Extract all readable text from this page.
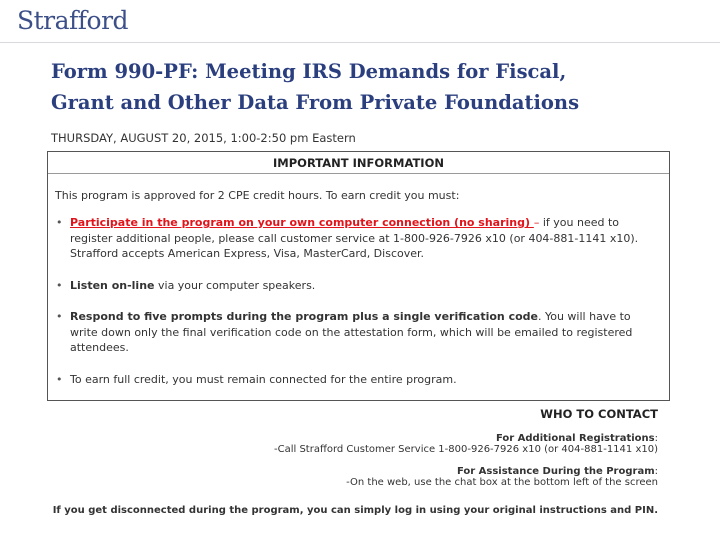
Strafford
Form 990-PF: Meeting IRS Demands for Fiscal,
Grant and Other Data From Private Foundations
THURSDAY, AUGUST 20, 2015, 1:00-2:50 pm Eastern
IMPORTANT INFORMATION
This program is approved for 2 CPE credit hours. To earn credit you must:
• Participate in the program on your own computer connection (no sharing) – if you need to register additional people, please call customer service at 1-800-926-7926 x10 (or 404-881-1141 x10). Strafford accepts American Express, Visa, MasterCard, Discover.
• Listen on-line via your computer speakers.
• Respond to five prompts during the program plus a single verification code. You will have to write down only the final verification code on the attestation form, which will be emailed to registered attendees.
• To earn full credit, you must remain connected for the entire program.
WHO TO CONTACT
For Additional Registrations:
-Call Strafford Customer Service 1-800-926-7926 x10 (or 404-881-1141 x10)
For Assistance During the Program:
-On the web, use the chat box at the bottom left of the screen
If you get disconnected during the program, you can simply log in using your original instructions and PIN.
